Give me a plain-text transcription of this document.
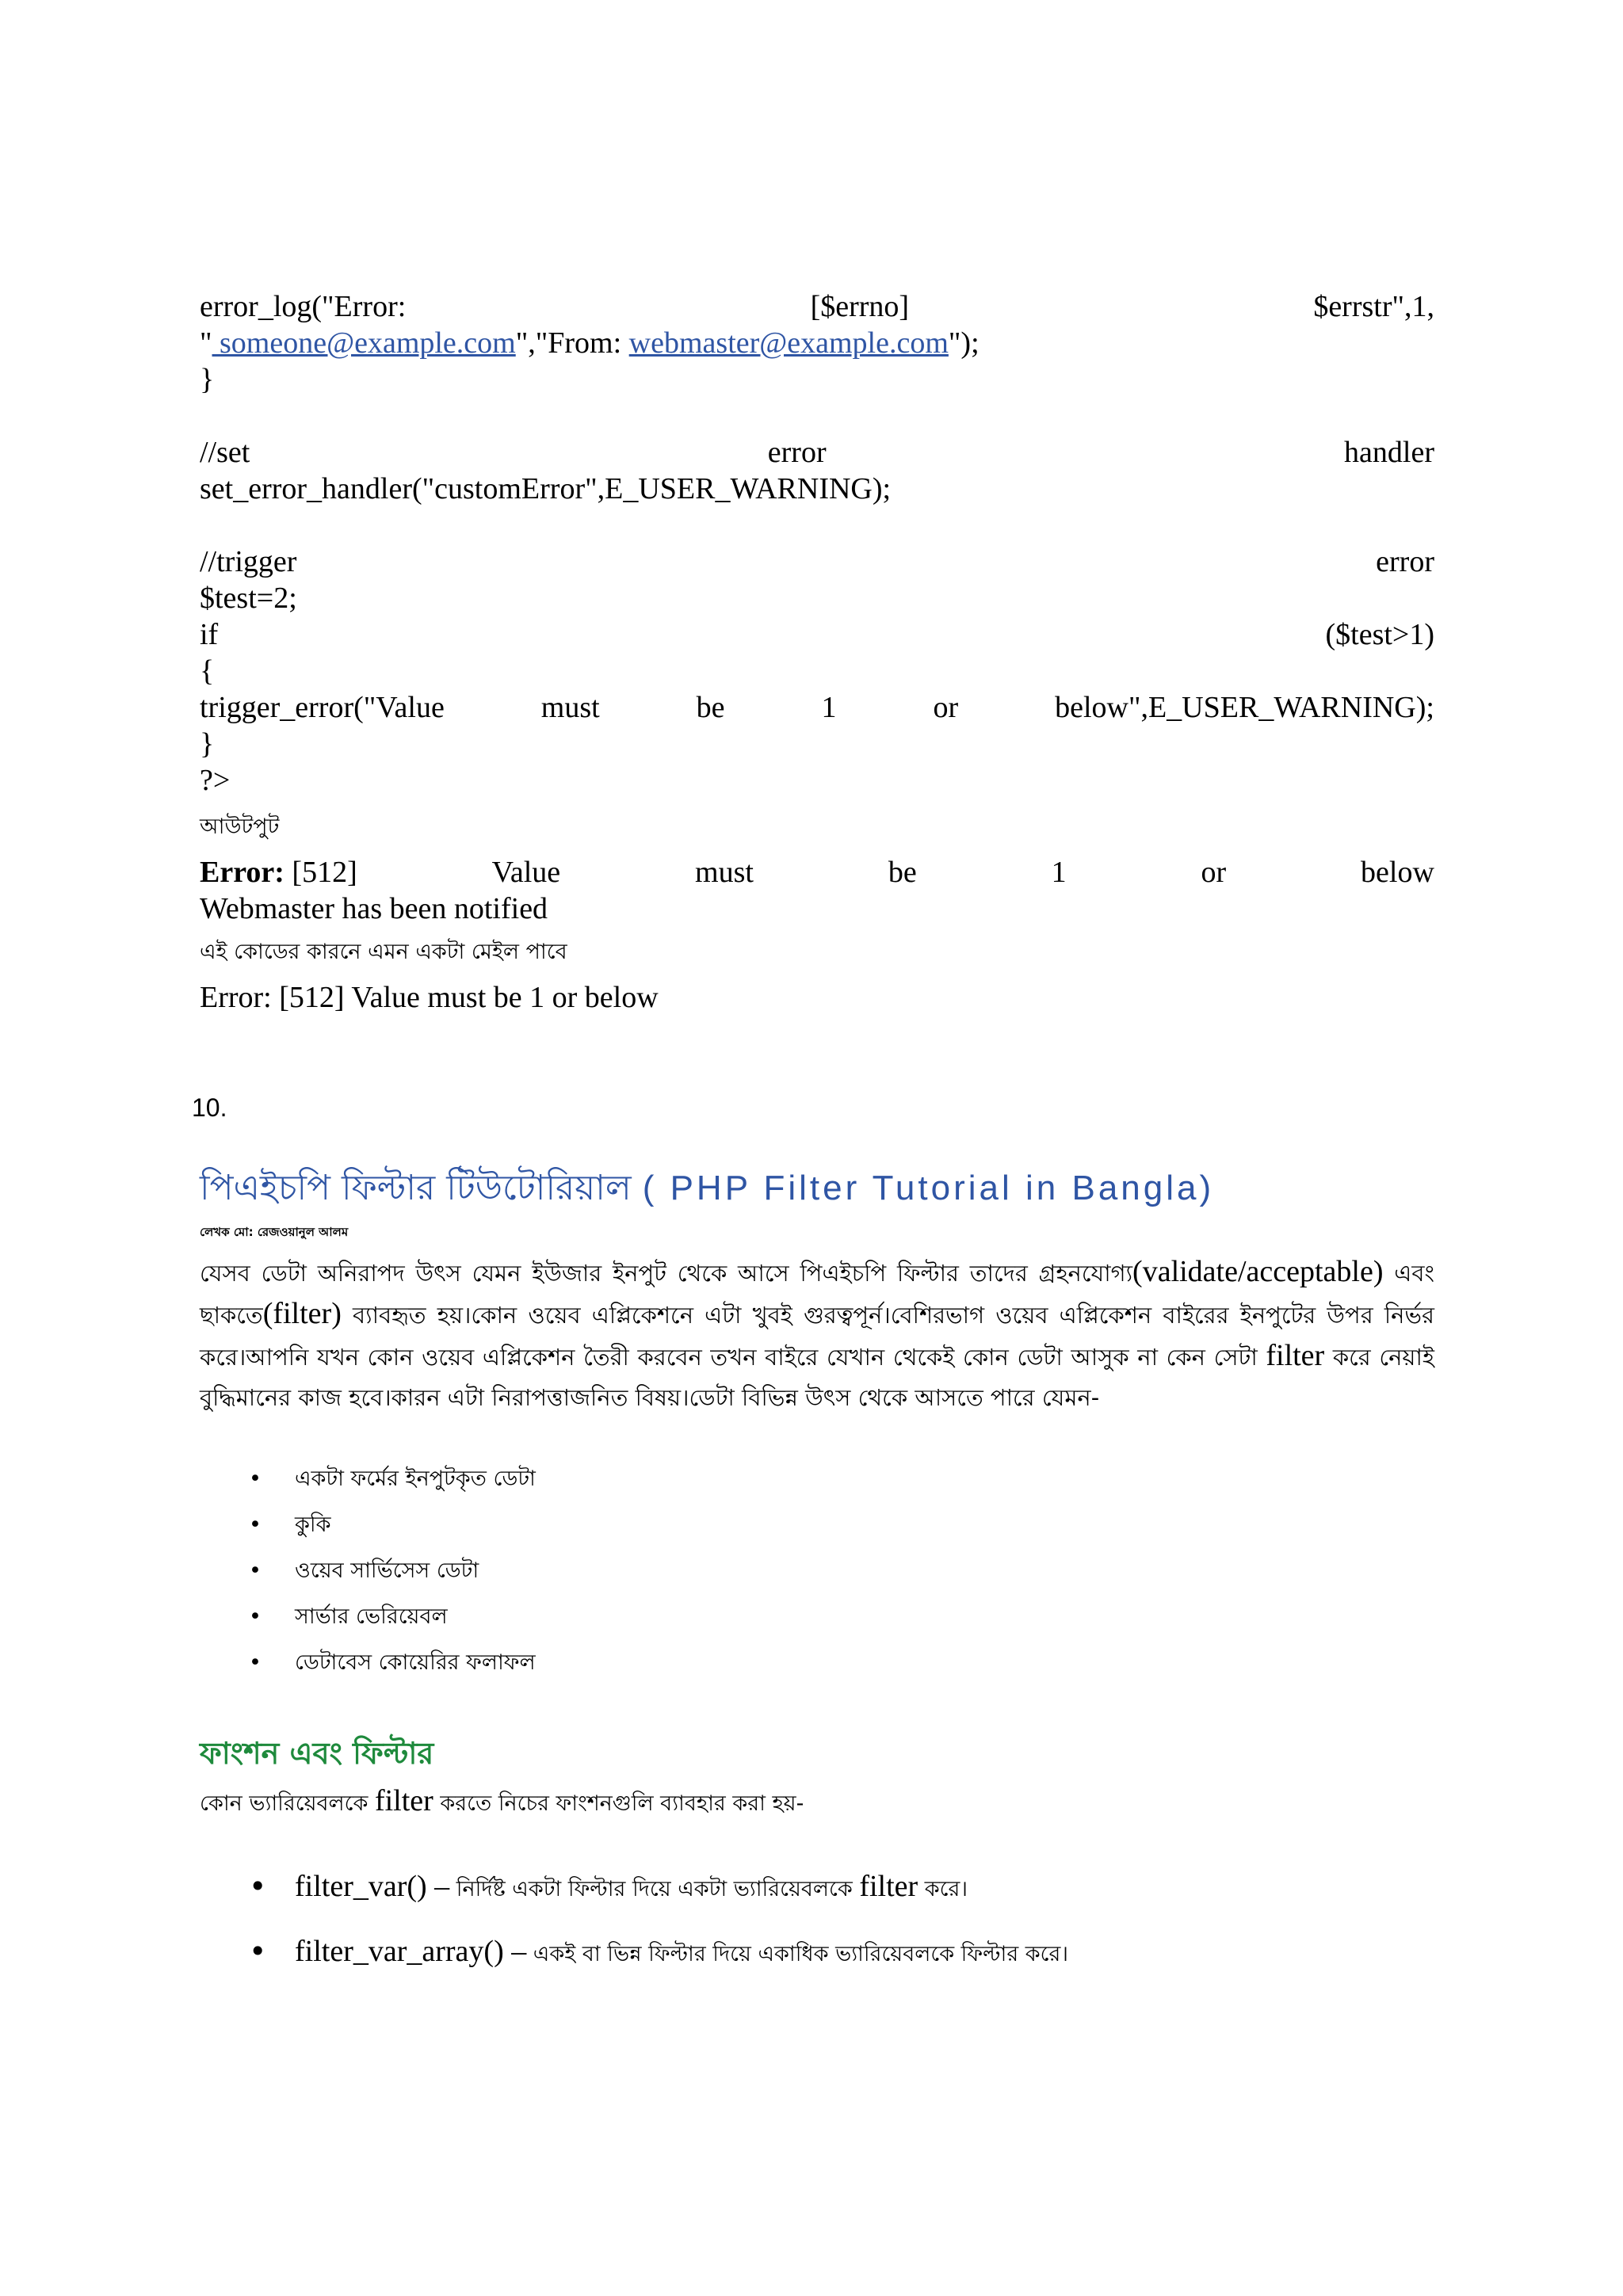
error_log("Error:	[$errno]	$errstr",1,
" someone@example.com","From: webmaster@example.com");
}
//set	error	handler
set_error_handler("customError",E_USER_WARNING);
//trigger	error
$test=2;
if	($test>1)
{
trigger_error("Value	must	be	1	or	below",E_USER_WARNING);
}
?>
আউটপুট
Error: [512]	Value	must	be	1	or	below
Webmaster has been notified
এই কোডের কারনে এমন একটা মেইল পাবে
Error: [512] Value must be 1 or below
10.
পিএইচপি ফিল্টার টিউটোরিয়াল ( PHP Filter Tutorial in Bangla)
লেখক মো: রেজওয়ানুল আলম
যেসব ডেটা অনিরাপদ উৎস যেমন ইউজার ইনপুট থেকে আসে পিএইচপি ফিল্টার তাদের গ্রহনযোগ্য(validate/acceptable) এবং ছাকতে(filter) ব্যাবহৃত হয়।কোন ওয়েব এপ্লিকেশনে এটা খুবই গুরত্বপূর্ন।বেশিরভাগ ওয়েব এপ্লিকেশন বাইরের ইনপুটের উপর নির্ভর করে।আপনি যখন কোন ওয়েব এপ্লিকেশন তৈরী করবেন তখন বাইরে যেখান থেকেই কোন ডেটা আসুক না কেন সেটা filter করে নেয়াই বুদ্ধিমানের কাজ হবে।কারন এটা নিরাপত্তাজনিত বিষয়।ডেটা বিভিন্ন উৎস থেকে আসতে পারে যেমন-
• একটা ফর্মের ইনপুটকৃত ডেটা
• কুকি
• ওয়েব সার্ভিসেস ডেটা
• সার্ভার ভেরিয়েবল
• ডেটাবেস কোয়েরির ফলাফল
ফাংশন এবং ফিল্টার
কোন ভ্যারিয়েবলকে filter করতে নিচের ফাংশনগুলি ব্যাবহার করা হয়-
• filter_var() – নির্দিষ্ট একটা ফিল্টার দিয়ে একটা ভ্যারিয়েবলকে filter করে।
• filter_var_array() – একই বা ভিন্ন ফিল্টার দিয়ে একাধিক ভ্যারিয়েবলকে ফিল্টার করে।
